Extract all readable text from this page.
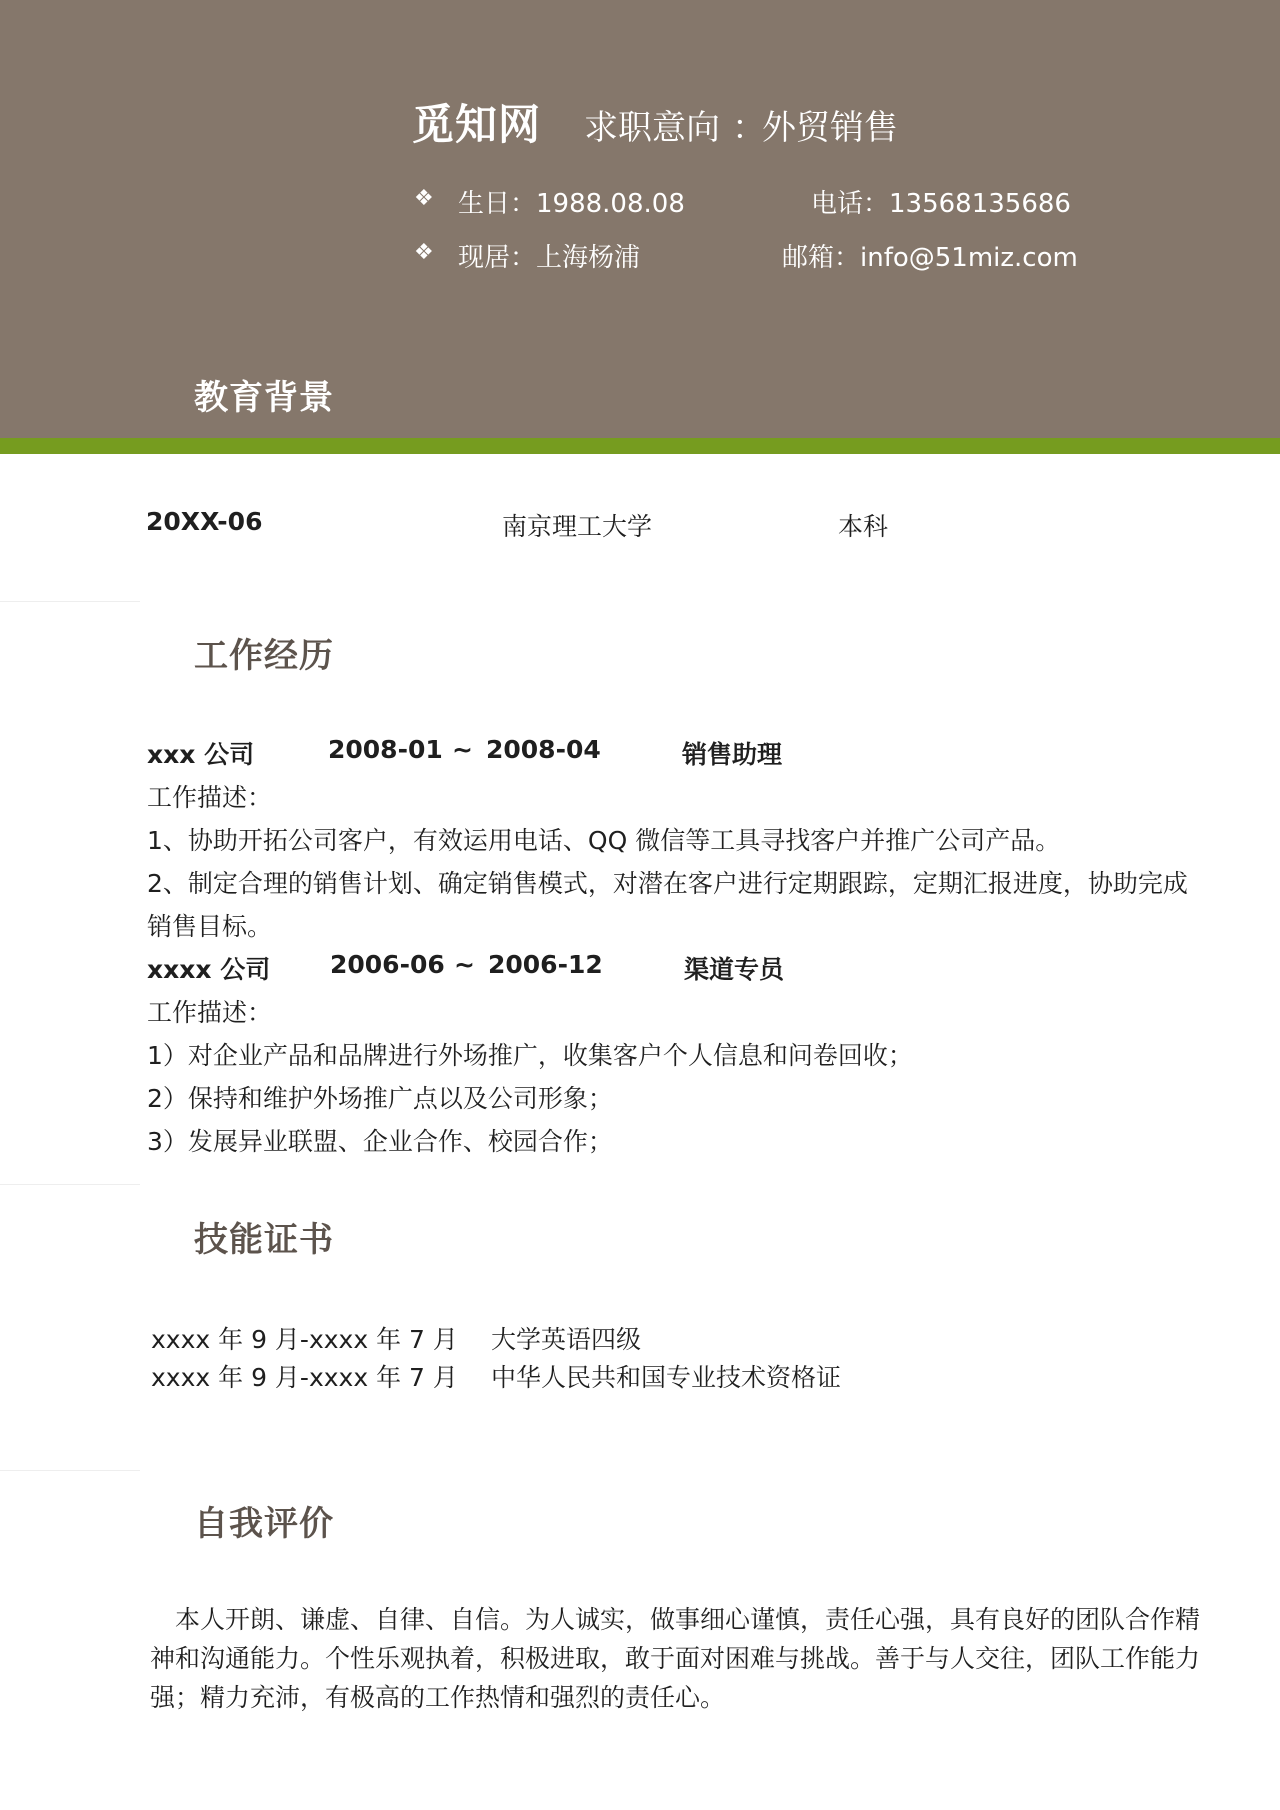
觅知网 求职意向 ：
外贸销售
❖ 生日：1988.08.08	电话：13568135686
❖ 现居：上海杨浦	邮箱：info@51miz.com
教育背景
20XX-06	南京理工大学	本科
工作经历
xxx 公司	2008-01 ~ 2008-04	销售助理
工作描述：
1、协助开拓公司客户，有效运用电话、QQ 微信等工具寻找客户并推广公司产品。
2、制定合理的销售计划、确定销售模式，对潜在客户进行定期跟踪，定期汇报进度，协助完成
销售目标。
xxxx 公司 2006-06 ~ 2006-12	渠道专员
工作描述：
1）对企业产品和品牌进行外场推广，收集客户个人信息和问卷回收；
2）保持和维护外场推广点以及公司形象；
3）发展异业联盟、企业合作、校园合作；
技能证书
xxxx 年 9 月-xxxx 年 7 月 大学英语四级
xxxx 年 9 月-xxxx 年 7 月 中华人民共和国专业技术资格证
自我评价
本人开朗、谦虚、自律、自信。为人诚实，做事细心谨慎，责任心强，具有良好的团队合作精神和沟通能力。个性乐观执着，积极进取，敢于面对困难与挑战。善于与人交往，团队工作能力强；精力充沛，有极高的工作热情和强烈的责任心。
